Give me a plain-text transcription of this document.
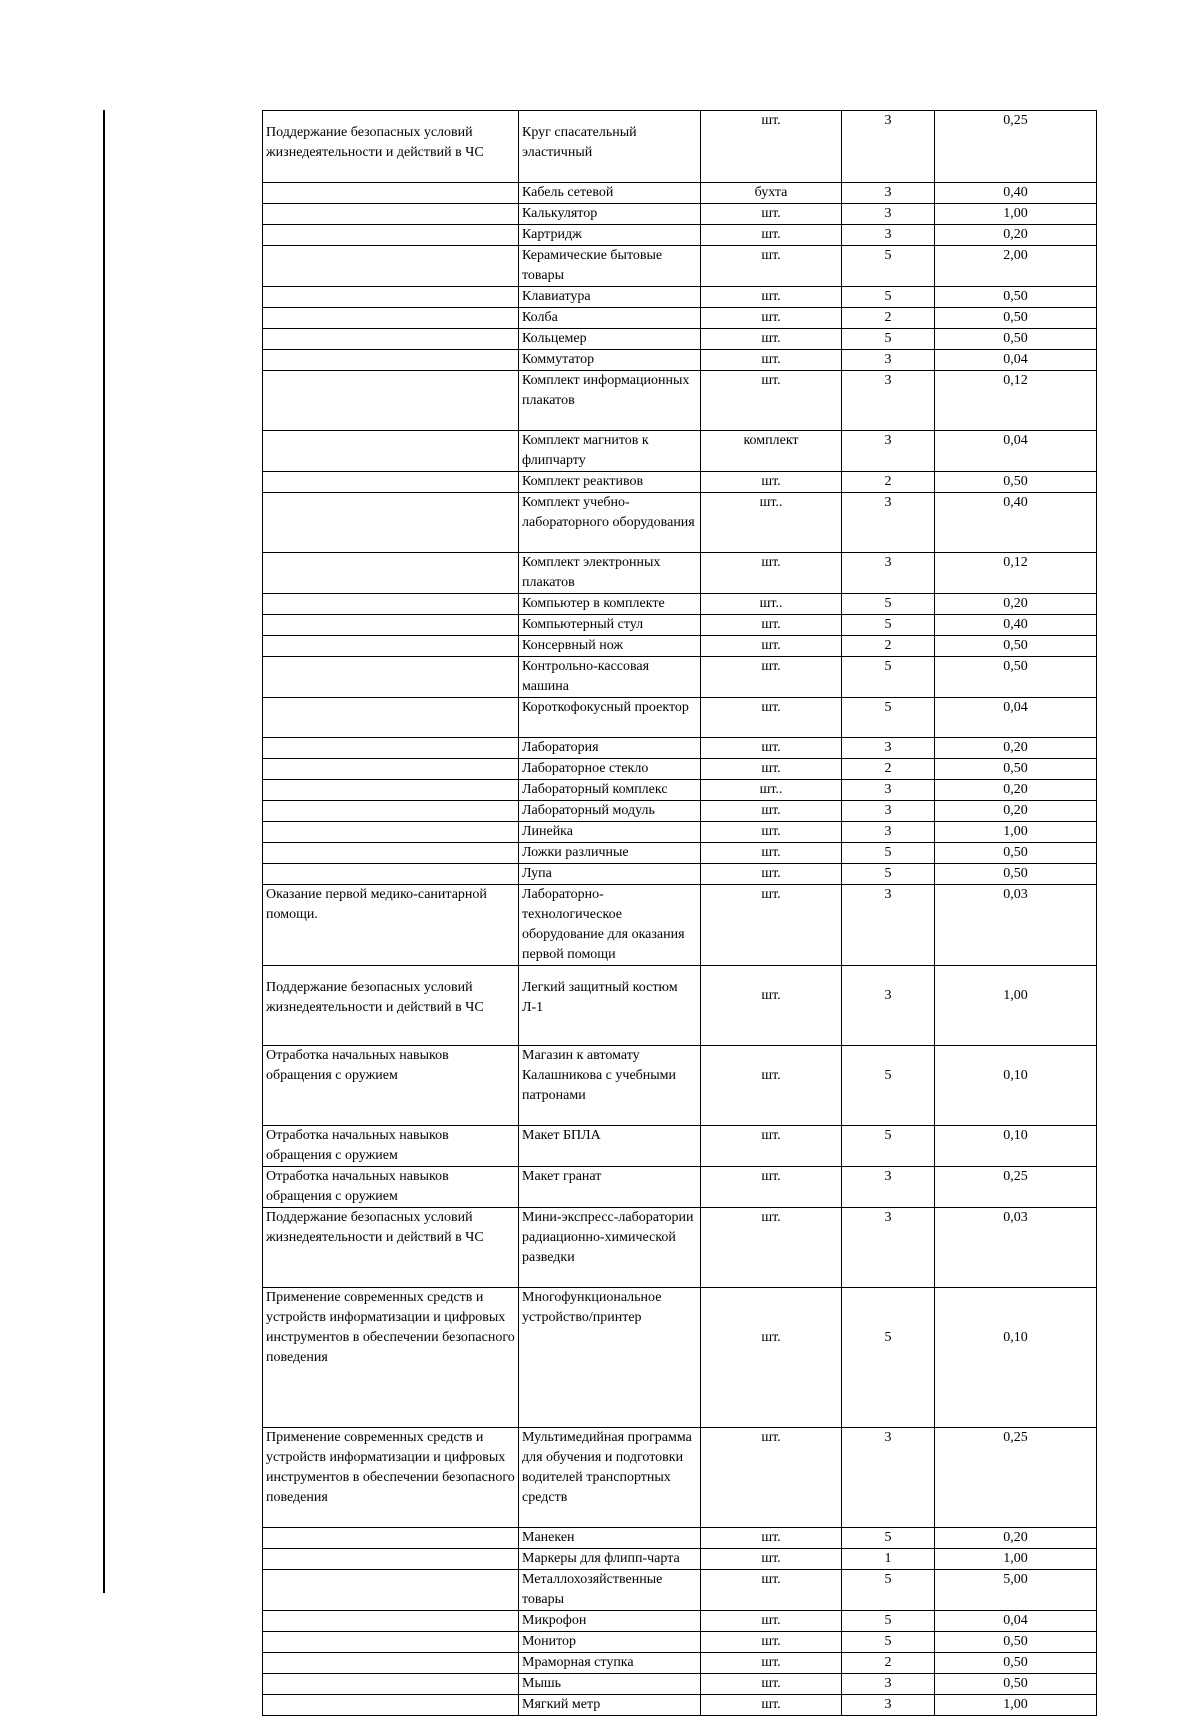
Поддержание безопасных условий жизнедеятельности и действий в ЧС	Круг спасательный эластичный	шт.	3	0,25
	Кабель сетевой	бухта	3	0,40
	Калькулятор	шт.	3	1,00
	Картридж	шт.	3	0,20
	Керамические бытовые товары	шт.	5	2,00
	Клавиатура	шт.	5	0,50
	Колба	шт.	2	0,50
	Кольцемер	шт.	5	0,50
	Коммутатор	шт.	3	0,04
	Комплект информационных плакатов	шт.	3	0,12
	Комплект магнитов к флипчарту	комплект	3	0,04
	Комплект реактивов	шт.	2	0,50
	Комплект учебно-лабораторного оборудования	шт..	3	0,40
	Комплект электронных плакатов	шт.	3	0,12
	Компьютер в комплекте	шт..	5	0,20
	Компьютерный стул	шт.	5	0,40
	Консервный нож	шт.	2	0,50
	Контрольно-кассовая машина	шт.	5	0,50
	Короткофокусный проектор	шт.	5	0,04
	Лаборатория	шт.	3	0,20
	Лабораторное стекло	шт.	2	0,50
	Лабораторный комплекс	шт..	3	0,20
	Лабораторный модуль	шт.	3	0,20
	Линейка	шт.	3	1,00
	Ложки различные	шт.	5	0,50
	Лупа	шт.	5	0,50
Оказание первой медико-санитарной помощи.	Лабораторно-технологическое оборудование для оказания первой помощи	шт.	3	0,03
Поддержание безопасных условий жизнедеятельности и действий в ЧС	Легкий защитный костюм Л-1	шт.	3	1,00
Отработка начальных навыков обращения с оружием	Магазин к автомату Калашникова с учебными патронами	шт.	5	0,10
Отработка начальных навыков обращения с оружием	Макет БПЛА	шт.	5	0,10
Отработка начальных навыков обращения с оружием	Макет гранат	шт.	3	0,25
Поддержание безопасных условий жизнедеятельности и действий в ЧС	Мини-экспресс-лаборатории радиационно-химической разведки	шт.	3	0,03
Применение современных средств и устройств информатизации и цифровых инструментов в обеспечении безопасного поведения	Многофункциональное устройство/принтер	шт.	5	0,10
Применение современных средств и устройств информатизации и цифровых инструментов в обеспечении безопасного поведения	Мультимедийная программа для обучения и подготовки водителей транспортных средств	шт.	3	0,25
	Манекен	шт.	5	0,20
	Маркеры для флипп-чарта	шт.	1	1,00
	Металлохозяйственные товары	шт.	5	5,00
	Микрофон	шт.	5	0,04
	Монитор	шт.	5	0,50
	Мраморная ступка	шт.	2	0,50
	Мышь	шт.	3	0,50
	Мягкий метр	шт.	3	1,00
